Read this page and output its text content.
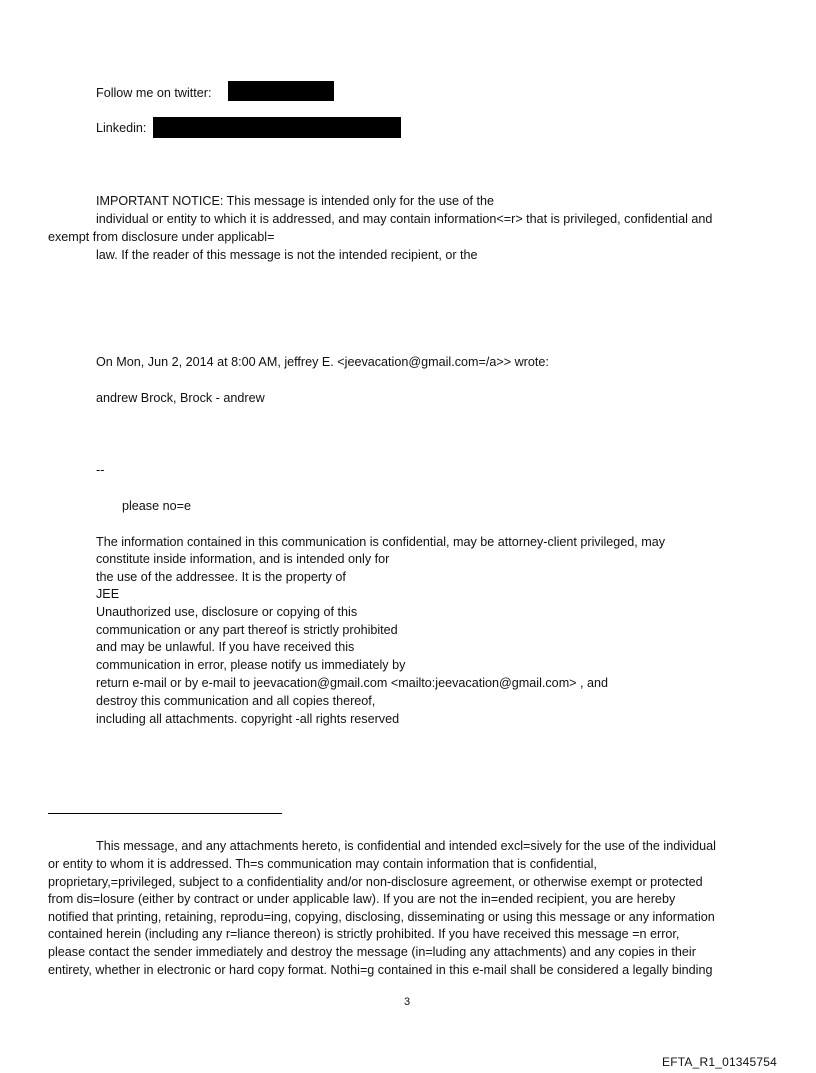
Follow me on twitter:
Linkedin:
IMPORTANT NOTICE: This message is intended only for the use of the
individual or entity to which it is addressed, and may contain information<=r> that is privileged, confidential and
exempt from disclosure under applicabl=
law. If the reader of this message is not the intended recipient, or the
On Mon, Jun 2, 2014 at 8:00 AM, jeffrey E. <jeevacation@gmail.com=/a>> wrote:
andrew Brock, Brock - andrew
--
please no=e
The information contained in this communication is confidential, may be attorney-client privileged, may
constitute inside information, and is intended only for
the use of the addressee. It is the property of
JEE
Unauthorized use, disclosure or copying of this
communication or any part thereof is strictly prohibited
and may be unlawful. If you have received this
communication in error, please notify us immediately by
return e-mail or by e-mail to jeevacation@gmail.com <mailto:jeevacation@gmail.com> , and
destroy this communication and all copies thereof,
including all attachments. copyright -all rights reserved
This message, and any attachments hereto, is confidential and intended excl=sively for the use of the individual
or entity to whom it is addressed. Th=s communication may contain information that is confidential,
proprietary,=privileged, subject to a confidentiality and/or non-disclosure agreement, or otherwise exempt or protected
from dis=losure (either by contract or under applicable law). If you are not the in=ended recipient, you are hereby
notified that printing, retaining, reprodu=ing, copying, disclosing, disseminating or using this message or any information
contained herein (including any r=liance thereon) is strictly prohibited. If you have received this message =n error,
please contact the sender immediately and destroy the message (in=luding any attachments) and any copies in their
entirety, whether in electronic or hard copy format. Nothi=g contained in this e-mail shall be considered a legally binding
3
EFTA_R1_01345754
